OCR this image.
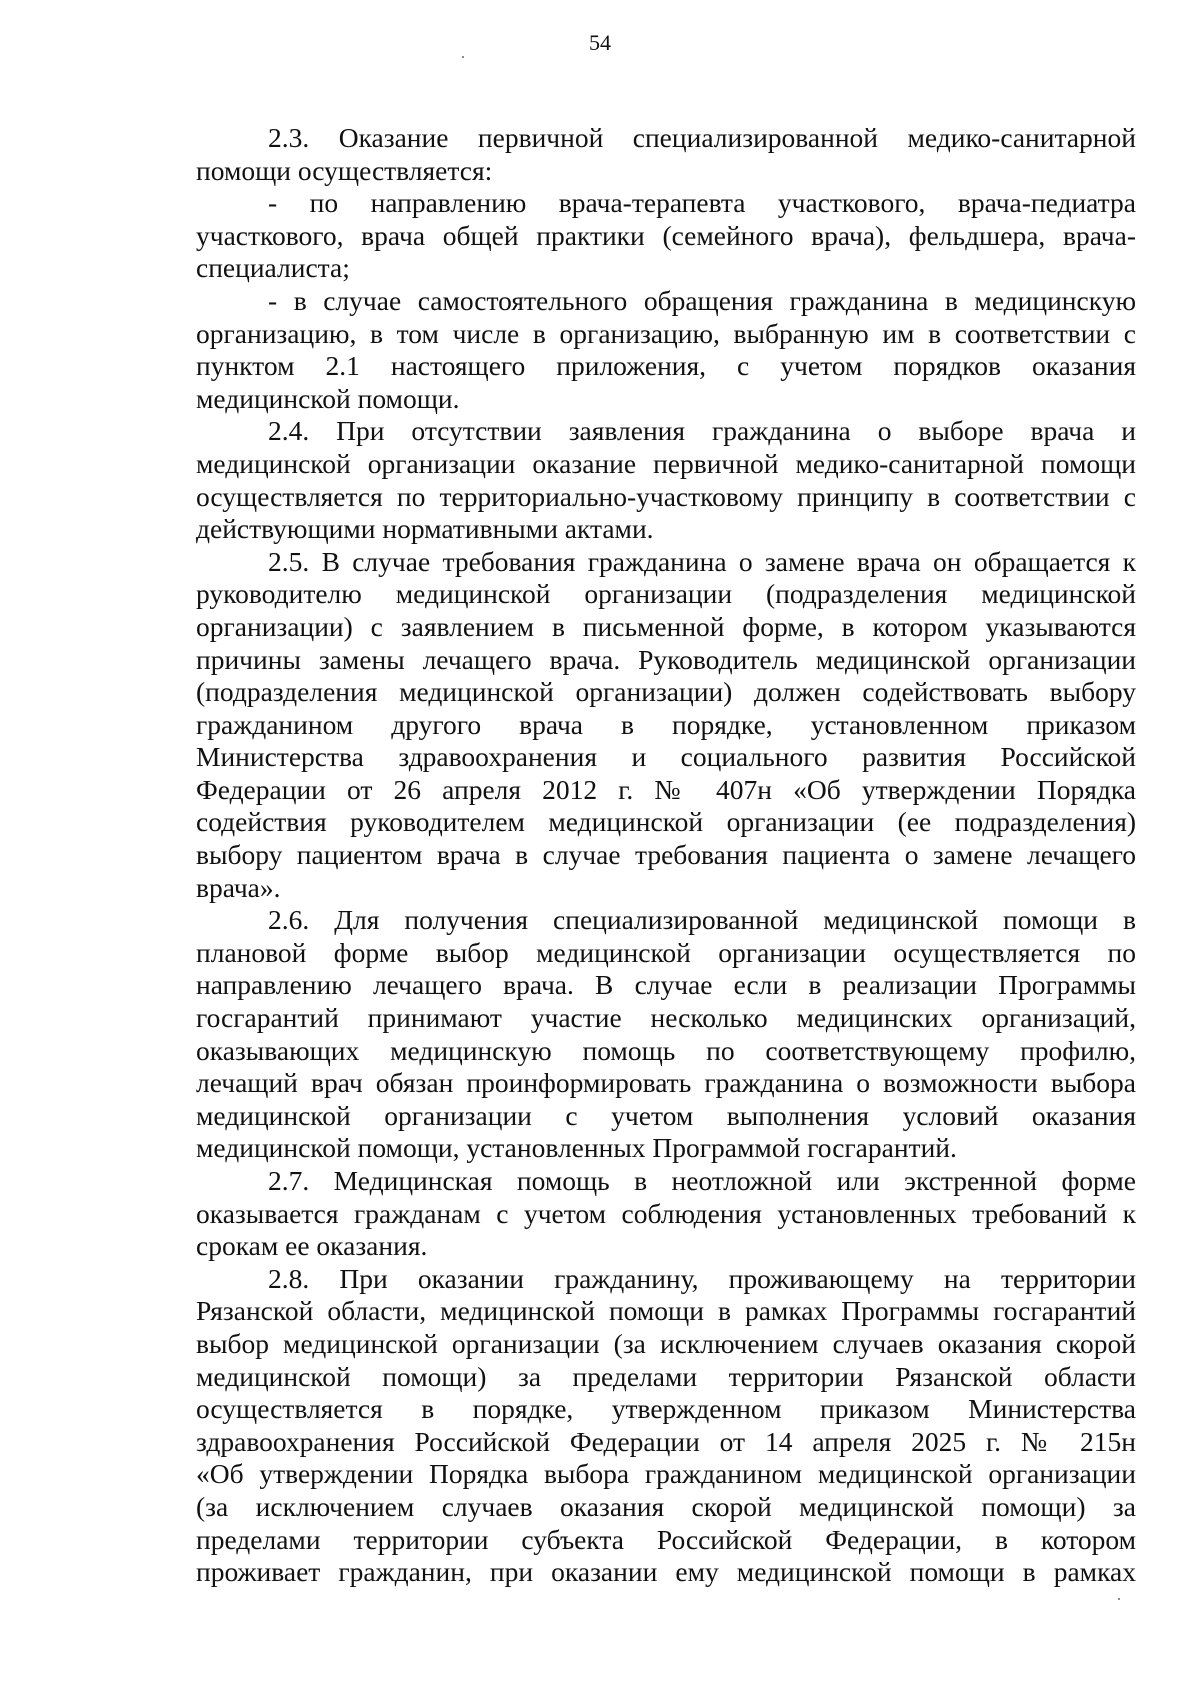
54
2.3. Оказание первичной специализированной медико-санитарной
помощи осуществляется:
- по направлению врача-терапевта участкового, врача-педиатра
участкового, врача общей практики (семейного врача), фельдшера, врача-
специалиста;
- в случае самостоятельного обращения гражданина в медицинскую
организацию, в том числе в организацию, выбранную им в соответствии с
пунктом 2.1 настоящего приложения, с учетом порядков оказания
медицинской помощи.
2.4. При отсутствии заявления гражданина о выборе врача и
медицинской организации оказание первичной медико-санитарной помощи
осуществляется по территориально-участковому принципу в соответствии с
действующими нормативными актами.
2.5. В случае требования гражданина о замене врача он обращается к
руководителю медицинской организации (подразделения медицинской
организации) с заявлением в письменной форме, в котором указываются
причины замены лечащего врача. Руководитель медицинской организации
(подразделения медицинской организации) должен содействовать выбору
гражданином другого врача в порядке, установленном приказом
Министерства здравоохранения и социального развития Российской
Федерации от 26 апреля 2012 г. № 407н «Об утверждении Порядка
содействия руководителем медицинской организации (ее подразделения)
выбору пациентом врача в случае требования пациента о замене лечащего
врача».
2.6. Для получения специализированной медицинской помощи в
плановой форме выбор медицинской организации осуществляется по
направлению лечащего врача. В случае если в реализации Программы
госгарантий принимают участие несколько медицинских организаций,
оказывающих медицинскую помощь по соответствующему профилю,
лечащий врач обязан проинформировать гражданина о возможности выбора
медицинской организации с учетом выполнения условий оказания
медицинской помощи, установленных Программой госгарантий.
2.7. Медицинская помощь в неотложной или экстренной форме
оказывается гражданам с учетом соблюдения установленных требований к
срокам ее оказания.
2.8. При оказании гражданину, проживающему на территории
Рязанской области, медицинской помощи в рамках Программы госгарантий
выбор медицинской организации (за исключением случаев оказания скорой
медицинской помощи) за пределами территории Рязанской области
осуществляется в порядке, утвержденном приказом Министерства
здравоохранения Российской Федерации от 14 апреля 2025 г. № 215н
«Об утверждении Порядка выбора гражданином медицинской организации
(за исключением случаев оказания скорой медицинской помощи) за
пределами территории субъекта Российской Федерации, в котором
проживает гражданин, при оказании ему медицинской помощи в рамках
